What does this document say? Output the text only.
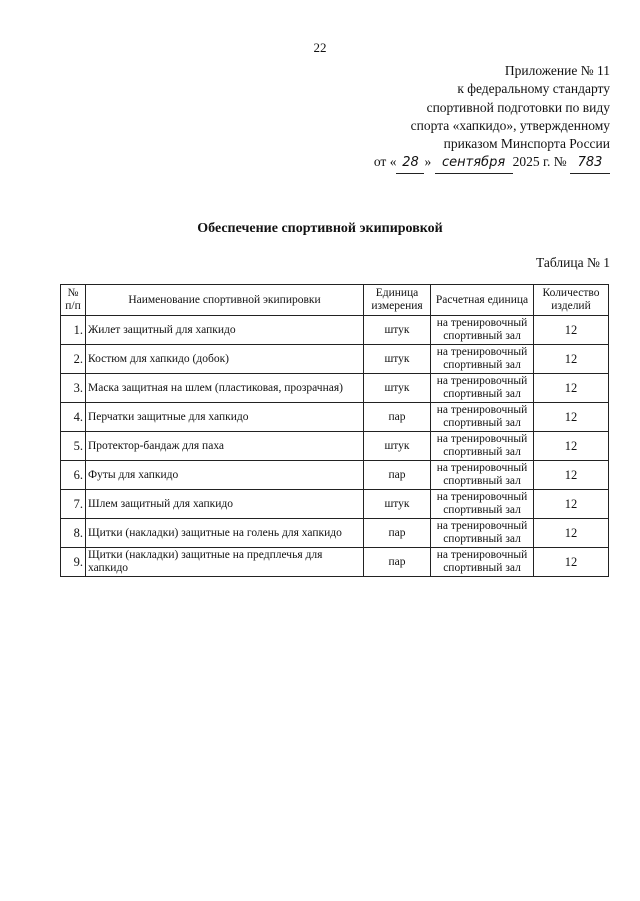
22
Приложение № 11
к федеральному стандарту
спортивной подготовки по виду
спорта «хапкидо», утвержденному
приказом Минспорта России
от « 28 » сентября 2025 г. № 783
Обеспечение спортивной экипировкой
Таблица № 1
№ п/п	Наименование спортивной экипировки	Единица измерения	Расчетная единица	Количество изделий
1.	Жилет защитный для хапкидо	штук	на тренировочный спортивный зал	12
2.	Костюм для хапкидо (добок)	штук	на тренировочный спортивный зал	12
3.	Маска защитная на шлем (пластиковая, прозрачная)	штук	на тренировочный спортивный зал	12
4.	Перчатки защитные для хапкидо	пар	на тренировочный спортивный зал	12
5.	Протектор-бандаж для паха	штук	на тренировочный спортивный зал	12
6.	Футы для хапкидо	пар	на тренировочный спортивный зал	12
7.	Шлем защитный для хапкидо	штук	на тренировочный спортивный зал	12
8.	Щитки (накладки) защитные на голень для хапкидо	пар	на тренировочный спортивный зал	12
9.	Щитки (накладки) защитные на предплечья для хапкидо	пар	на тренировочный спортивный зал	12
